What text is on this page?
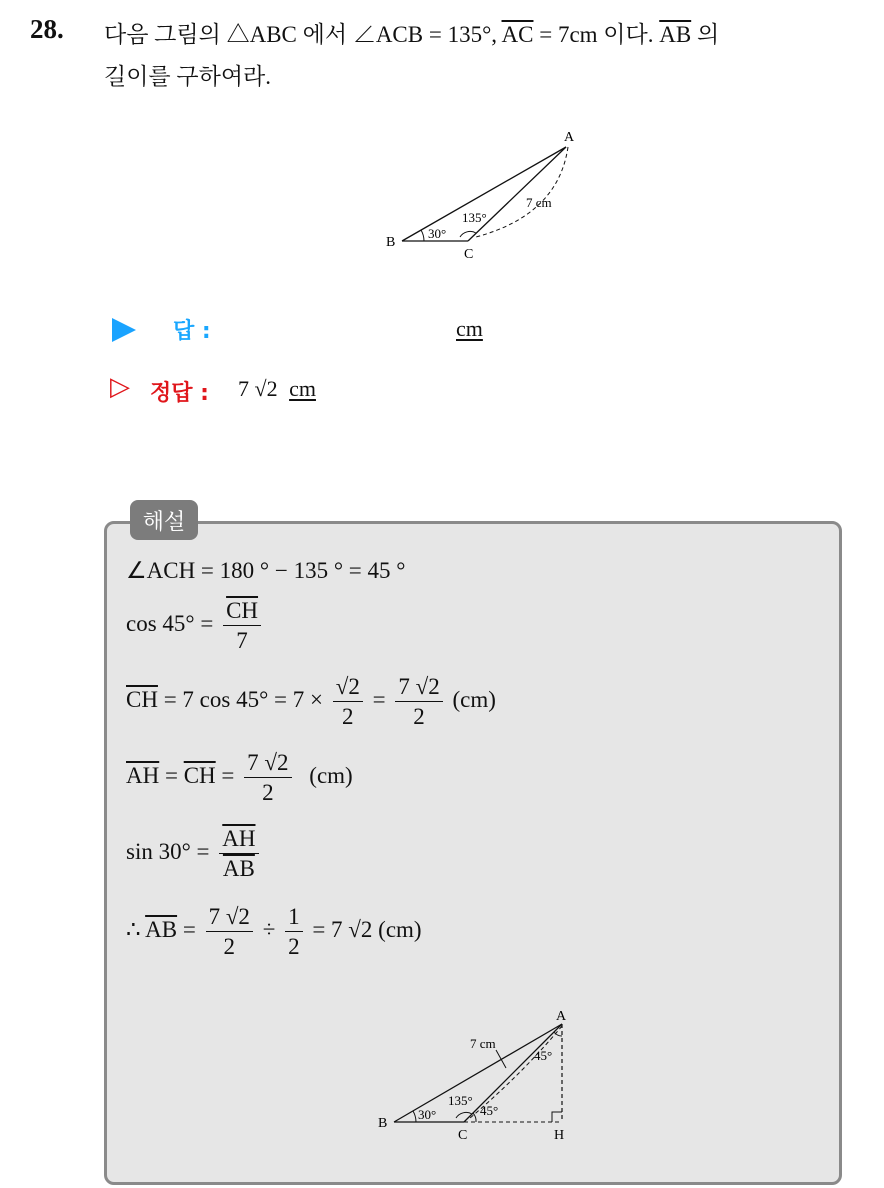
28. 다음 그림의 △ABC 에서 ∠ACB = 135°, $\overline{AC} = 7cm$ 이다. $\overline{AB}$ 의
길이를 구하여라.
A
B
C
30°
135°
7 cm
답 :	cm
▷ 정답 : 7 √2 cm
해설
∠ACH = 180 ° − 135 ° = 45 °
$\cos 45^\circ = \frac{\overline{CH}}{7}$
$\overline{CH} = 7$ $\cos 45^\circ = 7 \times \frac{√2}{2} = \frac{7 √2}{2} (cm)$
$\overline{AH} = \overline{CH} = \frac{7 √2}{2} (cm)$
$\sin 30^\circ = \frac{\overline{AH}}{AB}$
∴ $\overline{AB} = \frac{7 √2}{2} \div \frac{1}{2} = 7$ √2 (cm)
A
B
C	H
7 cm
30°
135°
45°
45°
